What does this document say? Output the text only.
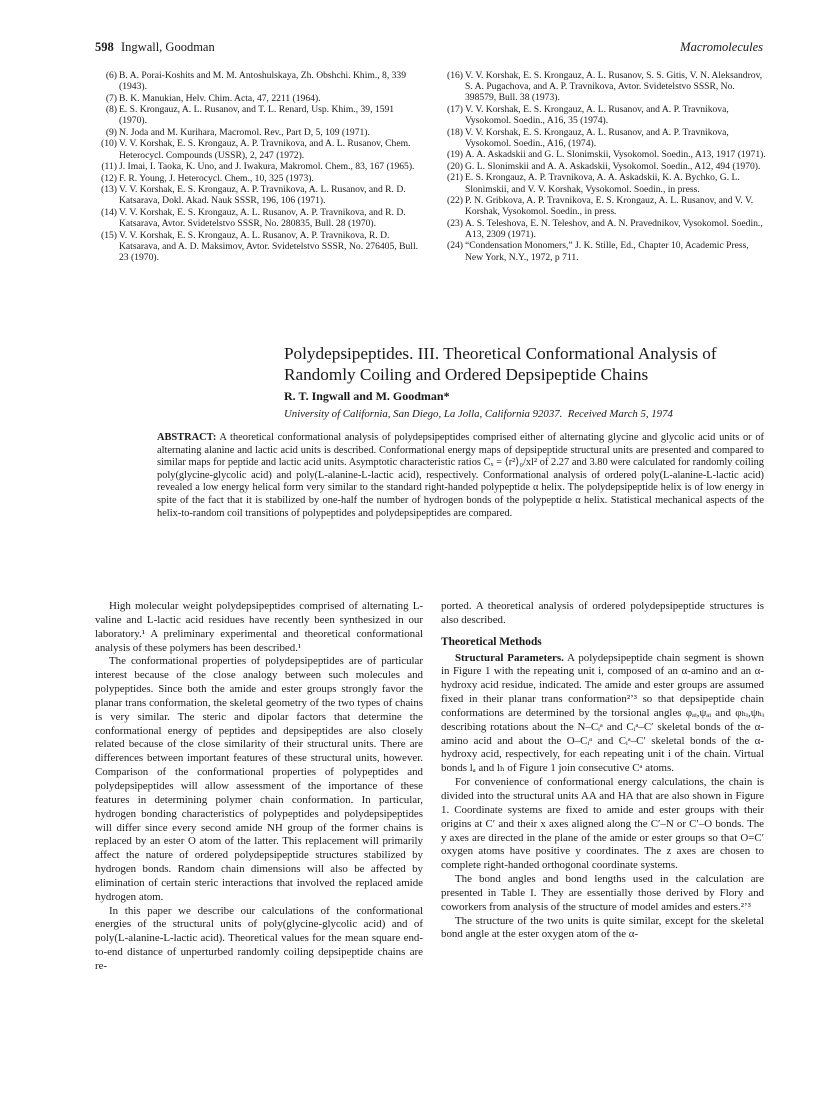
598 Ingwall, Goodman	Macromolecules
(6) B. A. Porai-Koshits and M. M. Antoshulskaya, Zh. Obshchi. Khim., 8, 339 (1943).
(7) B. K. Manukian, Helv. Chim. Acta, 47, 2211 (1964).
(8) E. S. Krongauz, A. L. Rusanov, and T. L. Renard, Usp. Khim., 39, 1591 (1970).
(9) N. Joda and M. Kurihara, Macromol. Rev., Part D, 5, 109 (1971).
(10) V. V. Korshak, E. S. Krongauz, A. P. Travnikova, and A. L. Rusanov, Chem. Heterocycl. Compounds (USSR), 2, 247 (1972).
(11) J. Imai, I. Taoka, K. Uno, and J. Iwakura, Makromol. Chem., 83, 167 (1965).
(12) F. R. Young, J. Heterocycl. Chem., 10, 325 (1973).
(13) V. V. Korshak, E. S. Krongauz, A. P. Travnikova, A. L. Rusanov, and R. D. Katsarava, Dokl. Akad. Nauk SSSR, 196, 106 (1971).
(14) V. V. Korshak, E. S. Krongauz, A. L. Rusanov, A. P. Travnikova, and R. D. Katsarava, Avtor. Svidetelstvo SSSR, No. 280835, Bull. 28 (1970).
(15) V. V. Korshak, E. S. Krongauz, A. L. Rusanov, A. P. Travnikova, R. D. Katsarava, and A. D. Maksimov, Avtor. Svidetelstvo SSSR, No. 276405, Bull. 23 (1970).
(16) V. V. Korshak, E. S. Krongauz, A. L. Rusanov, S. S. Gitis, V. N. Aleksandrov, S. A. Pugachova, and A. P. Travnikova, Avtor. Svidetelstvo SSSR, No. 398579, Bull. 38 (1973).
(17) V. V. Korshak, E. S. Krongauz, A. L. Rusanov, and A. P. Travnikova, Vysokomol. Soedin., A16, 35 (1974).
(18) V. V. Korshak, E. S. Krongauz, A. L. Rusanov, and A. P. Travnikova, Vysokomol. Soedin., A16, (1974).
(19) A. A. Askadskii and G. L. Slonimskii, Vysokomol. Soedin., A13, 1917 (1971).
(20) G. L. Slonimskii and A. A. Askadskii, Vysokomol. Soedin., A12, 494 (1970).
(21) E. S. Krongauz, A. P. Travnikova, A. A. Askadskii, K. A. Bychko, G. L. Slonimskii, and V. V. Korshak, Vysokomol. Soedin., in press.
(22) P. N. Gribkova, A. P. Travnikova, E. S. Krongauz, A. L. Rusanov, and V. V. Korshak, Vysokomol. Soedin., in press.
(23) A. S. Teleshova, E. N. Teleshov, and A. N. Pravednikov, Vysokomol. Soedin., A13, 2309 (1971).
(24) “Condensation Monomers,” J. K. Stille, Ed., Chapter 10, Academic Press, New York, N.Y., 1972, p 711.
Polydepsipeptides. III. Theoretical Conformational Analysis of Randomly Coiling and Ordered Depsipeptide Chains
R. T. Ingwall and M. Goodman*
University of California, San Diego, La Jolla, California 92037. Received March 5, 1974

ABSTRACT: A theoretical conformational analysis of polydepsipeptides comprised either of alternating glycine and glycolic acid units or of alternating alanine and lactic acid units is described. Conformational energy maps of depsipeptide structural units are presented and compared to similar maps for peptide and lactic acid units. Asymptotic characteristic ratios Cₓ = ⟨r²⟩₀/xl² of 2.27 and 3.80 were calculated for randomly coiling poly(glycine-glycolic acid) and poly(L-alanine-L-lactic acid), respectively. Conformational analysis of ordered poly(L-alanine-L-lactic acid) revealed a low energy helical form very similar to the standard right-handed polypeptide α helix. The polydepsipeptide helix is of low energy in spite of the fact that it is stabilized by one-half the number of hydrogen bonds of the polypeptide α helix. Statistical mechanical aspects of the helix-to-random coil transitions of polypeptides and polydepsipeptides are compared.

High molecular weight polydepsipeptides comprised of alternating L-valine and L-lactic acid residues have recently been synthesized in our laboratory.¹ A preliminary experimental and theoretical conformational analysis of these polymers has been described.¹

The conformational properties of polydepsipeptides are of particular interest because of the close analogy between such molecules and polypeptides. Since both the amide and ester groups strongly favor the planar trans conformation, the skeletal geometry of the two types of chains is very similar. The steric and dipolar factors that determine the conformational energy of peptides and depsipeptides are also closely related because of the close similarity of their structural units. There are differences between important features of these structural units, however. Comparison of the conformational properties of polypeptides and polydepsipeptides will allow assessment of the importance of these features in determining polymer chain conformation. In particular, hydrogen bonding characteristics of polypeptides and polydepsipeptides will differ since every second amide NH group of the former chains is replaced by an ester O atom of the latter. This replacement will primarily affect the nature of ordered polydepsipeptide structures stabilized by hydrogen bonds. Random chain dimensions will also be affected by elimination of certain steric interactions that involved the replaced amide hydrogen atom.

In this paper we describe our calculations of the conformational energies of the structural units of poly(glycine-glycolic acid) and of poly(L-alanine-L-lactic acid). Theoretical values for the mean square end-to-end distance of unperturbed randomly coiling depsipeptide chains are re-

ported. A theoretical analysis of ordered polydepsipeptide structures is also described.

Theoretical Methods

Structural Parameters. A polydepsipeptide chain segment is shown in Figure 1 with the repeating unit i, composed of an α-amino and an α-hydroxy acid residue, indicated. The amide and ester groups are assumed fixed in their planar trans conformation²ʼ³ so that depsipeptide chain conformations are determined by the torsional angles φₐᵢ,ψₐᵢ and φₕᵢ,ψₕᵢ describing rotations about the N–Cᵢᵃ and Cᵢᵃ–C′ skeletal bonds of the α-amino acid and about the O–Cᵢᵃ and Cᵢᵃ–C′ skeletal bonds of the α-hydroxy acid, respectively, for each repeating unit i of the chain. Virtual bonds lₐ and lₕ of Figure 1 join consecutive Cᵃ atoms.

For convenience of conformational energy calculations, the chain is divided into the structural units AA and HA that are also shown in Figure 1. Coordinate systems are fixed to amide and ester groups with their origins at C′ and their x axes aligned along the C′–N or C′–O bonds. The y axes are directed in the plane of the amide or ester groups so that O=C′ oxygen atoms have positive y coordinates. The z axes are chosen to complete right-handed orthogonal coordinate systems.

The bond angles and bond lengths used in the calculation are presented in Table I. They are essentially those derived by Flory and coworkers from analysis of the structure of model amides and esters.²ʼ³

The structure of the two units is quite similar, except for the skeletal bond angle at the ester oxygen atom of the α-
